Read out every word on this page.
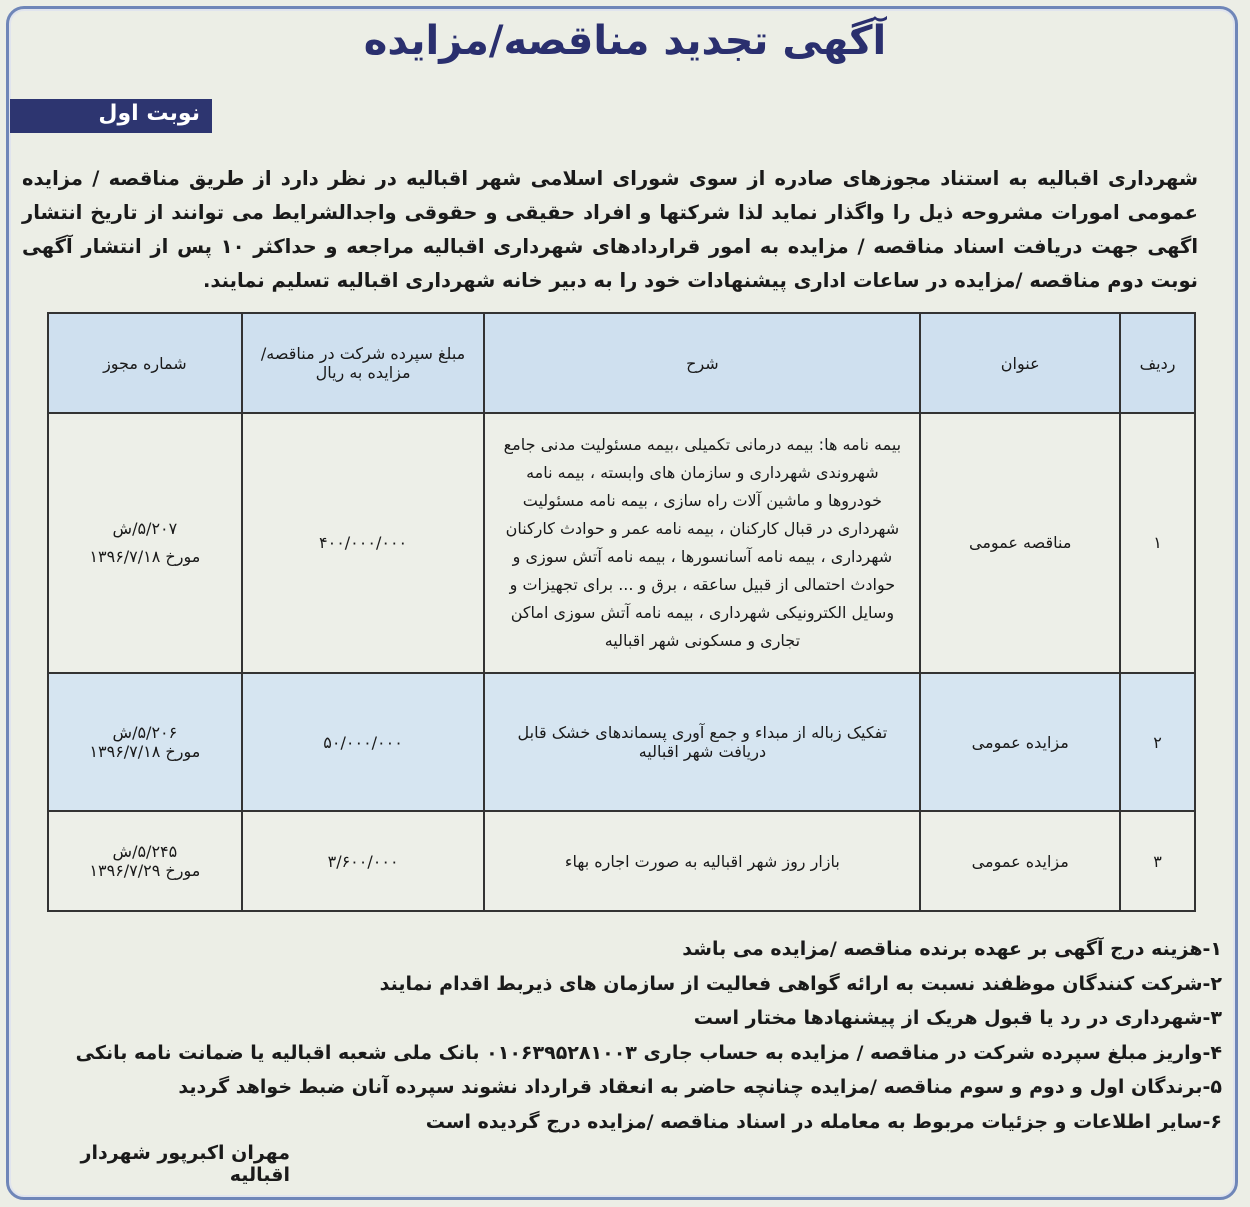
آگهی تجدید مناقصه/مزایده
نوبت اول

شهرداری اقبالیه به استناد مجوزهای صادره از سوی شورای اسلامی شهر اقبالیه در نظر دارد از طریق مناقصه / مزایده عمومی امورات مشروحه ذیل را واگذار نماید لذا شرکتها و افراد حقیقی و حقوقی واجدالشرایط می توانند از تاریخ انتشار اگهی جهت دریافت اسناد مناقصه / مزایده به امور قراردادهای شهرداری اقبالیه مراجعه و حداکثر ۱۰ پس از انتشار آگهی نوبت دوم مناقصه /مزایده در ساعات اداری پیشنهادات خود را به دبیر خانه شهرداری اقبالیه تسلیم نمایند.

ردیف	عنوان	شرح	مبلغ سپرده شرکت در مناقصه/ مزایده به ریال	شماره مجوز
۱	مناقصه عمومی	بیمه نامه ها: بیمه درمانی تکمیلی ،بیمه مسئولیت مدنی جامع شهروندی شهرداری و سازمان های وابسته ، بیمه نامه خودروها و ماشین آلات راه سازی ، بیمه نامه مسئولیت شهرداری در قبال کارکنان ، بیمه نامه عمر و حوادث کارکنان شهرداری ، بیمه نامه آسانسورها ، بیمه نامه آتش سوزی و حوادث احتمالی از قبیل ساعقه ، برق و ... برای تجهیزات و وسایل الکترونیکی شهرداری ، بیمه نامه آتش سوزی اماکن تجاری و مسکونی شهر اقبالیه	۴۰۰/۰۰۰/۰۰۰	۵/۲۰۷/ش
مورخ ۱۳۹۶/۷/۱۸

۲	مزایده عمومی	تفکیک زباله از مبداء و جمع آوری پسماندهای خشک قابل دریافت شهر اقبالیه	۵۰/۰۰۰/۰۰۰	۵/۲۰۶/ش
مورخ ۱۳۹۶/۷/۱۸

۳	مزایده عمومی	بازار روز شهر اقبالیه به صورت اجاره بهاء	۳/۶۰۰/۰۰۰	۵/۲۴۵/ش
مورخ ۱۳۹۶/۷/۲۹
۱-هزینه درج آگهی بر عهده برنده مناقصه /مزایده می باشد
۲-شرکت کنندگان موظفند نسبت به ارائه گواهی فعالیت از سازمان های ذیربط اقدام نمایند
۳-شهرداری در رد یا قبول هریک از پیشنهادها مختار است
۴-واریز مبلغ سپرده شرکت در مناقصه / مزایده به حساب جاری ۰۱۰۶۳۹۵۲۸۱۰۰۳ بانک ملی شعبه اقبالیه یا ضمانت نامه بانکی
۵-برندگان اول و دوم و سوم مناقصه /مزایده چنانچه حاضر به انعقاد قرارداد نشوند سپرده آنان ضبط خواهد گردید
۶-سایر اطلاعات و جزئیات مربوط به معامله در اسناد مناقصه /مزایده درج گردیده است
مهران اکبرپور شهردار اقبالیه
